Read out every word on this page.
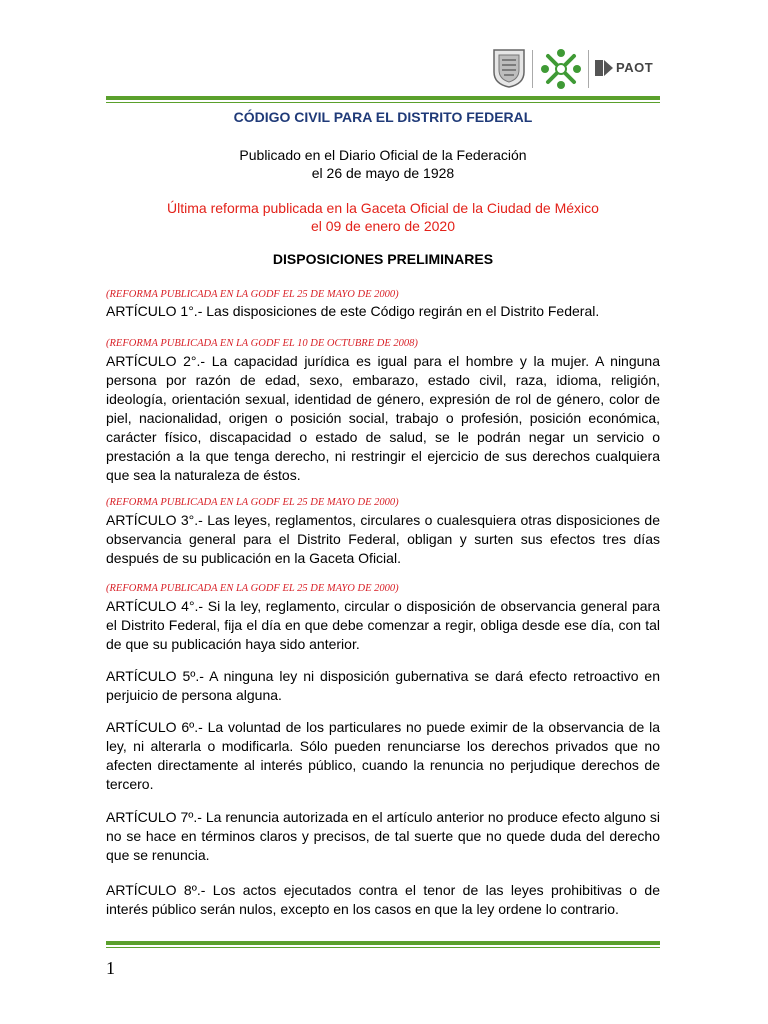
PAOT
CÓDIGO CIVIL PARA EL DISTRITO FEDERAL
Publicado en el Diario Oficial de la Federación
el 26 de mayo de 1928
Última reforma publicada en la Gaceta Oficial de la Ciudad de México
el 09 de enero de 2020
DISPOSICIONES PRELIMINARES
(REFORMA PUBLICADA EN LA GODF EL 25 DE MAYO DE 2000)
ARTÍCULO 1°.- Las disposiciones de este Código regirán en el Distrito Federal.
(REFORMA PUBLICADA EN LA GODF EL 10 DE OCTUBRE DE 2008)
ARTÍCULO 2°.- La capacidad jurídica es igual para el hombre y la mujer. A ninguna persona por razón de edad, sexo, embarazo, estado civil, raza, idioma, religión, ideología, orientación sexual, identidad de género, expresión de rol de género, color de piel, nacionalidad, origen o posición social, trabajo o profesión, posición económica, carácter físico, discapacidad o estado de salud, se le podrán negar un servicio o prestación a la que tenga derecho, ni restringir el ejercicio de sus derechos cualquiera que sea la naturaleza de éstos.
(REFORMA PUBLICADA EN LA GODF EL 25 DE MAYO DE 2000)
ARTÍCULO 3°.- Las leyes, reglamentos, circulares o cualesquiera otras disposiciones de observancia general para el Distrito Federal, obligan y surten sus efectos tres días después de su publicación en la Gaceta Oficial.
(REFORMA PUBLICADA EN LA GODF EL 25 DE MAYO DE 2000)
ARTÍCULO 4°.- Si la ley, reglamento, circular o disposición de observancia general para el Distrito Federal, fija el día en que debe comenzar a regir, obliga desde ese día, con tal de que su publicación haya sido anterior.
ARTÍCULO 5º.- A ninguna ley ni disposición gubernativa se dará efecto retroactivo en perjuicio de persona alguna.
ARTÍCULO 6º.- La voluntad de los particulares no puede eximir de la observancia de la ley, ni alterarla o modificarla. Sólo pueden renunciarse los derechos privados que no afecten directamente al interés público, cuando la renuncia no perjudique derechos de tercero.
ARTÍCULO 7º.- La renuncia autorizada en el artículo anterior no produce efecto alguno si no se hace en términos claros y precisos, de tal suerte que no quede duda del derecho que se renuncia.
ARTÍCULO 8º.- Los actos ejecutados contra el tenor de las leyes prohibitivas o de interés público serán nulos, excepto en los casos en que la ley ordene lo contrario.
1
